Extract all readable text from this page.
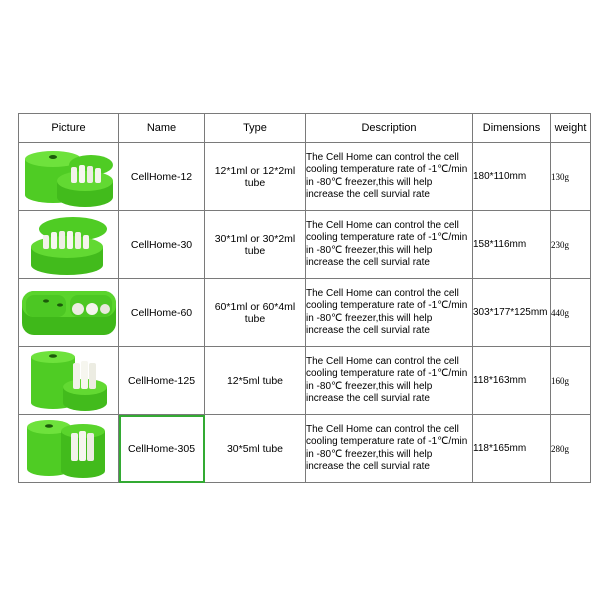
Picture	Name	Type	Description	Dimensions	weight

	CellHome-12	12*1ml or 12*2ml tube	The Cell Home can control the cell cooling temperature rate of -1℃/min in -80℃ freezer,this will help increase the cell survial rate	180*110mm	130g

	CellHome-30	30*1ml or 30*2ml tube	The Cell Home can control the cell cooling temperature rate of -1℃/min in -80℃ freezer,this will help increase the cell survial rate	158*116mm	230g

	CellHome-60	60*1ml or 60*4ml tube	The Cell Home can control the cell cooling temperature rate of -1℃/min in -80℃ freezer,this will help increase the cell survial rate	303*177*125mm	440g

	CellHome-125	12*5ml tube	The Cell Home can control the cell cooling temperature rate of -1℃/min in -80℃ freezer,this will help increase the cell survial rate	118*163mm	160g

	CellHome-305	30*5ml tube	The Cell Home can control the cell cooling temperature rate of -1℃/min in -80℃ freezer,this will help increase the cell survial rate	118*165mm	280g
